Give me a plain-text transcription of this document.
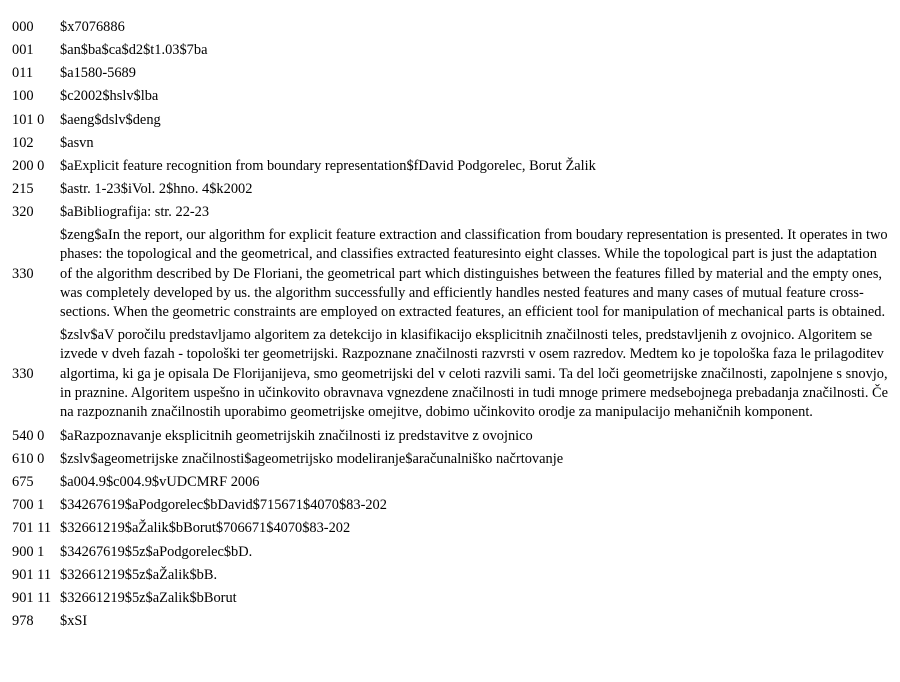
000	$x7076886
001	$an$ba$ca$d2$t1.03$7ba
011	$a1580-5689
100	$c2002$hslv$lba
101 0	$aeng$dslv$deng
102	$asvn
200 0	$aExplicit feature recognition from boundary representation$fDavid Podgorelec, Borut Žalik
215	$astr. 1-23$iVol. 2$hno. 4$k2002
320	$aBibliografija: str. 22-23
330	$zeng$aIn the report, our algorithm for explicit feature extraction and classification from boudary representation is presented. It operates in two phases: the topological and the geometrical, and classifies extracted featuresinto eight classes. While the topological part is just the adaptation of the algorithm described by De Floriani, the geometrical part which distinguishes between the features filled by material and the empty ones, was completely developed by us. the algorithm successfully and efficiently handles nested features and many cases of mutual feature cross-sections. When the geometric constraints are employed on extracted features, an efficient tool for manipulation of mechanical parts is obtained.
330	$zslv$aV poročilu predstavljamo algoritem za detekcijo in klasifikacijo eksplicitnih značilnosti teles, predstavljenih z ovojnico. Algoritem se izvede v dveh fazah - topološki ter geometrijski. Razpoznane značilnosti razvrsti v osem razredov. Medtem ko je topološka faza le prilagoditev algortima, ki ga je opisala De Florijanijeva, smo geometrijski del v celoti razvili sami. Ta del loči geometrijske značilnosti, zapolnjene s snovjo, in praznine. Algoritem uspešno in učinkovito obravnava vgnezdene značilnosti in tudi mnoge primere medsebojnega prebadanja značilnosti. Če na razpoznanih značilnostih uporabimo geometrijske omejitve, dobimo učinkovito orodje za manipulacijo mehaničnih komponent.
540 0	$aRazpoznavanje eksplicitnih geometrijskih značilnosti iz predstavitve z ovojnico
610 0	$zslv$ageometrijske značilnosti$ageometrijsko modeliranje$aračunalniško načrtovanje
675	$a004.9$c004.9$vUDCMRF 2006
700 1	$34267619$aPodgorelec$bDavid$715671$4070$83-202
701 11	$32661219$aŽalik$bBorut$706671$4070$83-202
900 1	$34267619$5z$aPodgorelec$bD.
901 11	$32661219$5z$aŽalik$bB.
901 11	$32661219$5z$aZalik$bBorut
978	$xSI
